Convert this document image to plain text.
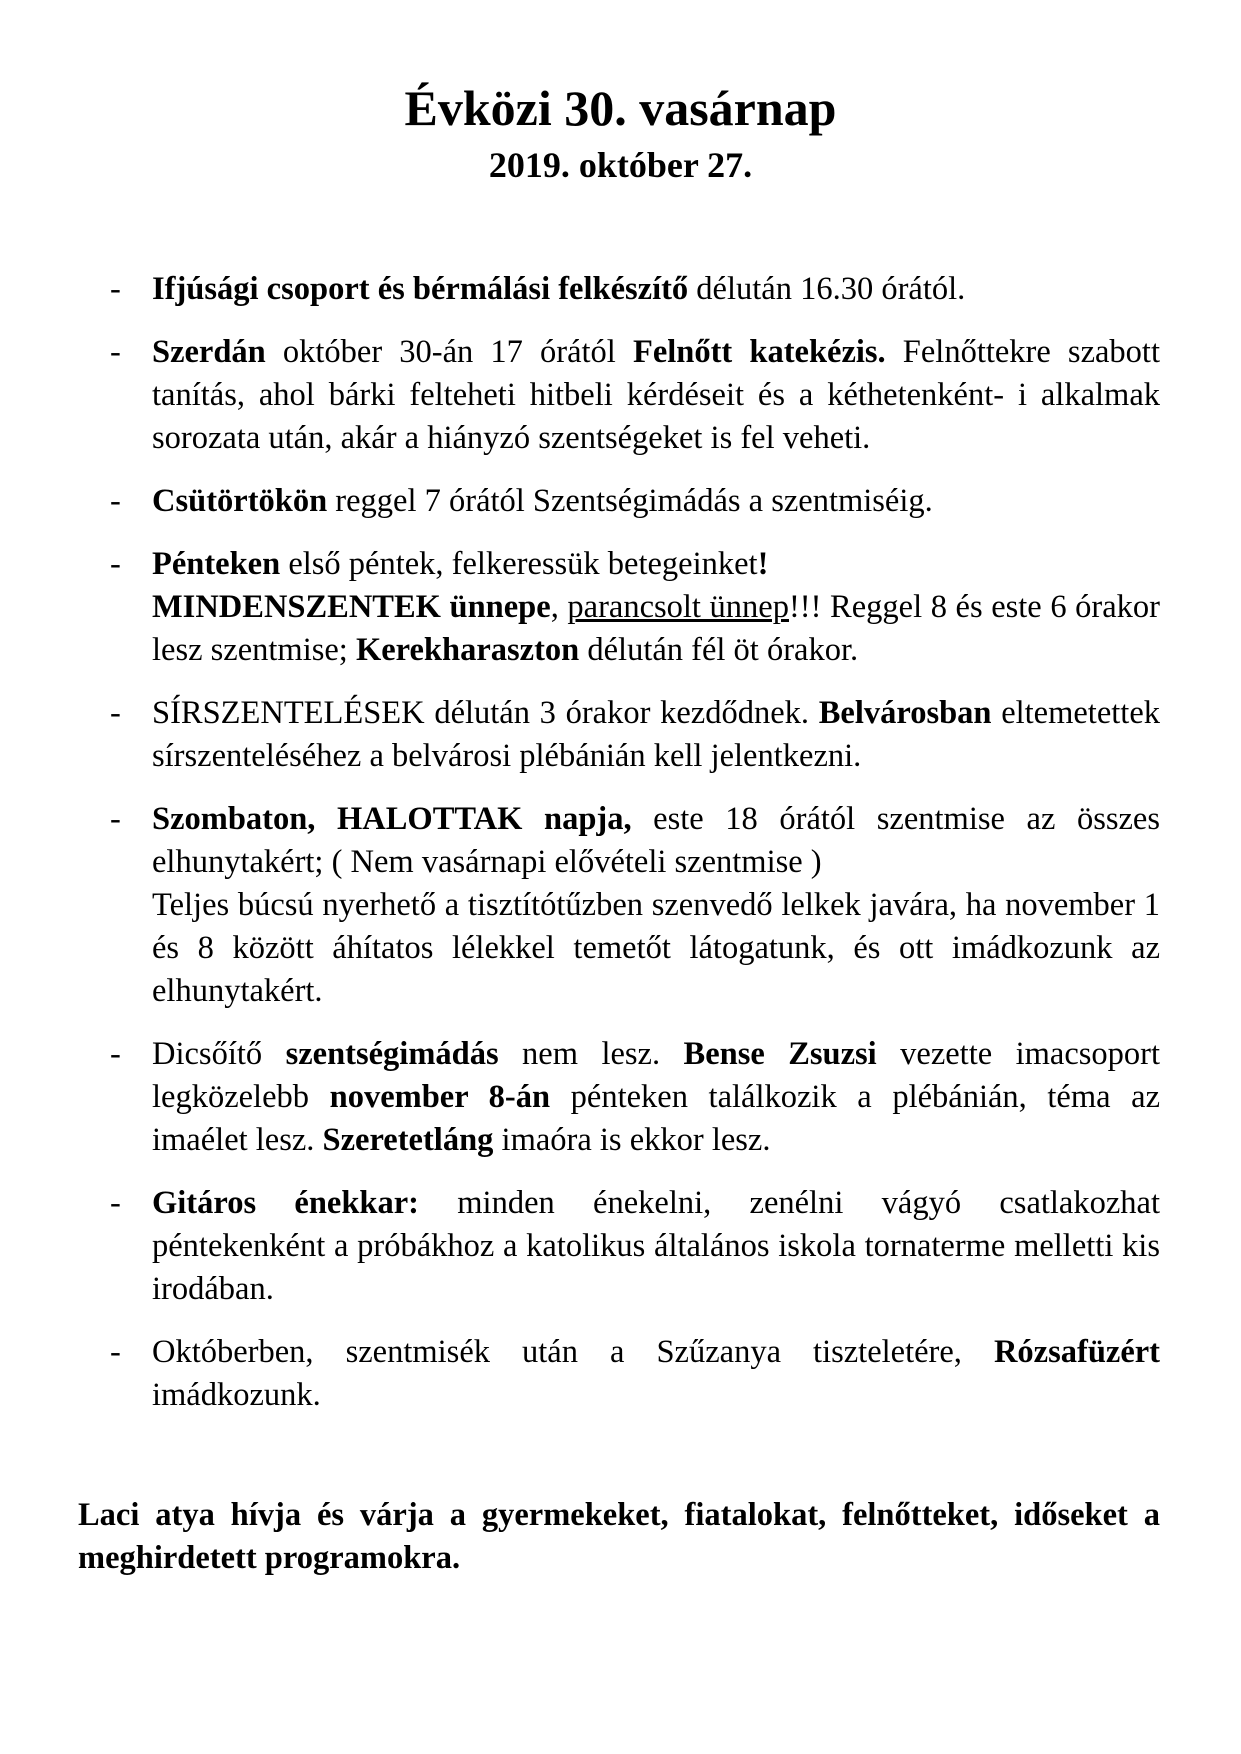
Évközi 30. vasárnap
2019. október 27.
- Ifjúsági csoport és bérmálási felkészítő délután 16.30 órától.
- Szerdán október 30-án 17 órától Felnőtt katekézis. Felnőttekre szabott tanítás, ahol bárki felteheti hitbeli kérdéseit és a kéthetenként- i alkalmak sorozata után, akár a hiányzó szentségeket is fel veheti.
- Csütörtökön reggel 7 órától Szentségimádás a szentmiséig.
- Pénteken első péntek, felkeressük betegeinket!
MINDENSZENTEK ünnepe, parancsolt ünnep!!! Reggel 8 és este 6 órakor lesz szentmise; Kerekharaszton délután fél öt órakor.
- SÍRSZENTELÉSEK délután 3 órakor kezdődnek. Belvárosban eltemetettek sírszenteléséhez a belvárosi plébánián kell jelentkezni.
- Szombaton, HALOTTAK napja, este 18 órától szentmise az összes elhunytakért; ( Nem vasárnapi elővételi szentmise )
Teljes búcsú nyerhető a tisztítótűzben szenvedő lelkek javára, ha november 1 és 8 között áhítatos lélekkel temetőt látogatunk, és ott imádkozunk az elhunytakért.
- Dicsőítő szentségimádás nem lesz. Bense Zsuzsi vezette imacsoport legközelebb november 8-án pénteken találkozik a plébánián, téma az imaélet lesz. Szeretetláng imaóra is ekkor lesz.
- Gitáros énekkar: minden énekelni, zenélni vágyó csatlakozhat péntekenként a próbákhoz a katolikus általános iskola tornaterme melletti kis irodában.
- Októberben, szentmisék után a Szűzanya tiszteletére, Rózsafüzért imádkozunk.

Laci atya hívja és várja a gyermekeket, fiatalokat, felnőtteket, időseket a meghirdetett programokra.
